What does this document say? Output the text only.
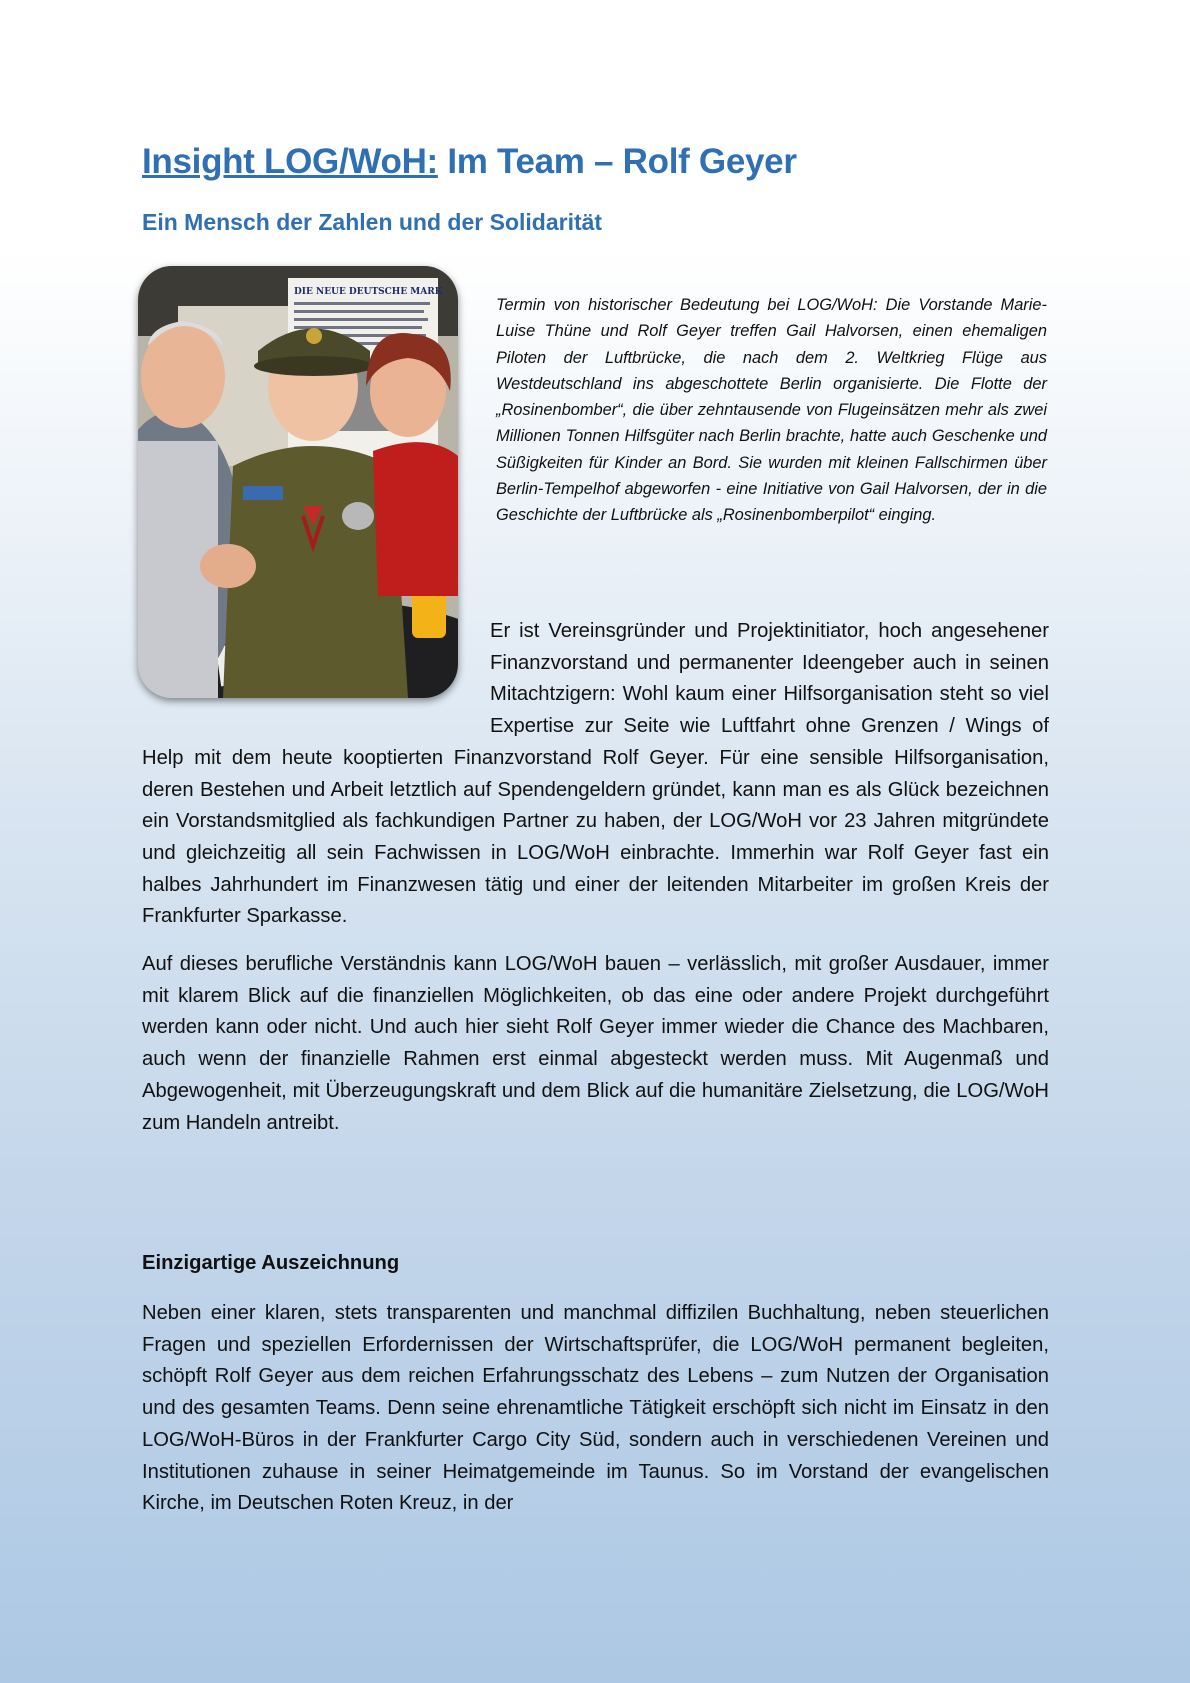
Insight LOG/WoH: Im Team – Rolf Geyer
Ein Mensch der Zahlen und der Solidarität
DIE NEUE DEUTSCHE MARK

Termin von historischer Bedeutung bei LOG/WoH: Die Vorstande Marie-Luise Thüne und Rolf Geyer treffen Gail Halvorsen, einen ehemaligen Piloten der Luftbrücke, die nach dem 2. Weltkrieg Flüge aus Westdeutschland ins abgeschottete Berlin organisierte. Die Flotte der „Rosinenbomber“, die über zehntausende von Flugeinsätzen mehr als zwei Millionen Tonnen Hilfsgüter nach Berlin brachte, hatte auch Geschenke und Süßigkeiten für Kinder an Bord. Sie wurden mit kleinen Fallschirmen über Berlin-Tempelhof abgeworfen - eine Initiative von Gail Halvorsen, der in die Geschichte der Luftbrücke als „Rosinenbomberpilot“ einging.

Er ist Vereinsgründer und Projektinitiator, hoch angesehener Finanzvorstand und permanenter Ideengeber auch in seinen Mitachtzigern: Wohl kaum einer Hilfsorganisation steht so viel Expertise zur Seite wie Luftfahrt ohne Grenzen / Wings of Help mit dem heute kooptierten Finanzvorstand Rolf Geyer. Für eine sensible Hilfsorganisation, deren Bestehen und Arbeit letztlich auf Spendengeldern gründet, kann man es als Glück bezeichnen ein Vorstandsmitglied als fachkundigen Partner zu haben, der LOG/WoH vor 23 Jahren mitgründete und gleichzeitig all sein Fachwissen in LOG/WoH einbrachte. Immerhin war Rolf Geyer fast ein halbes Jahrhundert im Finanzwesen tätig und einer der leitenden Mitarbeiter im großen Kreis der Frankfurter Sparkasse.

Auf dieses berufliche Verständnis kann LOG/WoH bauen – verlässlich, mit großer Ausdauer, immer mit klarem Blick auf die finanziellen Möglichkeiten, ob das eine oder andere Projekt durchgeführt werden kann oder nicht. Und auch hier sieht Rolf Geyer immer wieder die Chance des Machbaren, auch wenn der finanzielle Rahmen erst einmal abgesteckt werden muss. Mit Augenmaß und Abgewogenheit, mit Überzeugungskraft und dem Blick auf die humanitäre Zielsetzung, die LOG/WoH zum Handeln antreibt.

Einzigartige Auszeichnung

Neben einer klaren, stets transparenten und manchmal diffizilen Buchhaltung, neben steuerlichen Fragen und speziellen Erfordernissen der Wirtschaftsprüfer, die LOG/WoH permanent begleiten, schöpft Rolf Geyer aus dem reichen Erfahrungsschatz des Lebens – zum Nutzen der Organisation und des gesamten Teams. Denn seine ehrenamtliche Tätigkeit erschöpft sich nicht im Einsatz in den LOG/WoH-Büros in der Frankfurter Cargo City Süd, sondern auch in verschiedenen Vereinen und Institutionen zuhause in seiner Heimatgemeinde im Taunus. So im Vorstand der evangelischen Kirche, im Deutschen Roten Kreuz, in der
